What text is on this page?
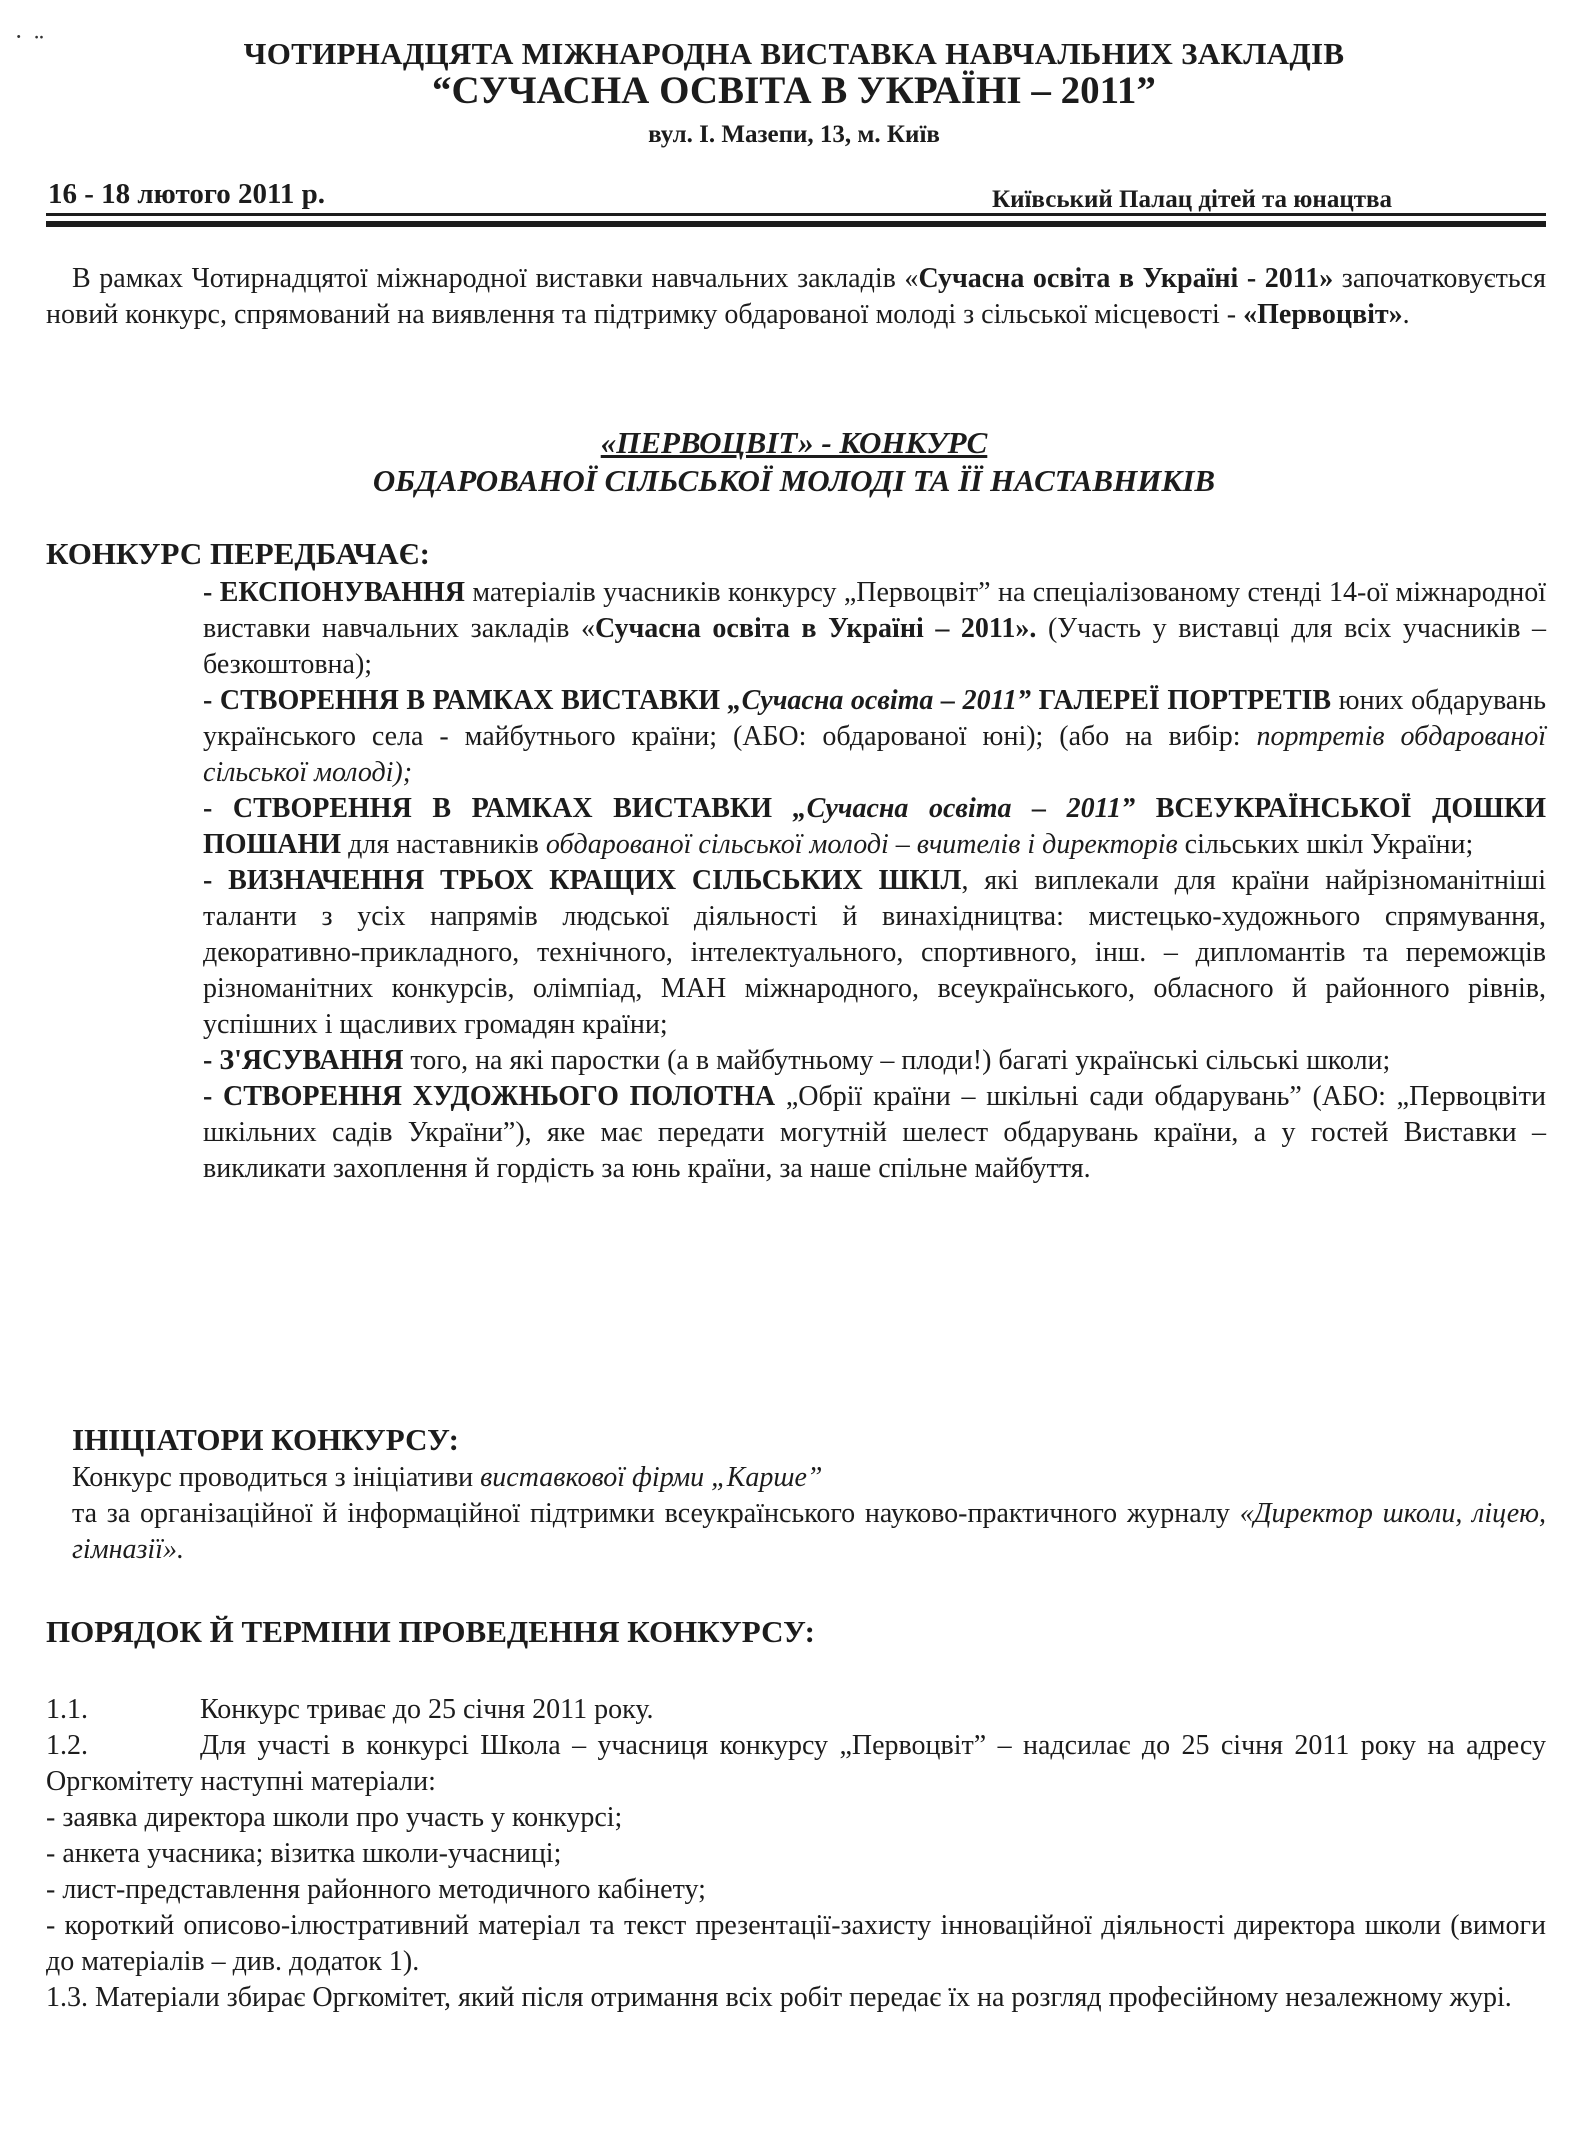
˙ ¨	ЧОТИРНАДЦЯТА МІЖНАРОДНА ВИСТАВКА НАВЧАЛЬНИХ ЗАКЛАДІВ
“СУЧАСНА ОСВІТА В УКРАЇНІ – 2011”
вул. І. Мазепи, 13, м. Київ
16 - 18 лютого 2011 р.	Київський Палац дітей та юнацтва
В рамках Чотирнадцятої міжнародної виставки навчальних закладів «Сучасна освіта в Україні - 2011» започатковується новий конкурс, спрямований на виявлення та підтримку обдарованої молоді з сільської місцевості - «Первоцвіт».
«ПЕРВОЦВІТ» - КОНКУРС
ОБДАРОВАНОЇ СІЛЬСЬКОЇ МОЛОДІ ТА ЇЇ НАСТАВНИКІВ
КОНКУРС ПЕРЕДБАЧАЄ:

- ЕКСПОНУВАННЯ матеріалів учасників конкурсу „Первоцвіт” на спеціалізованому стенді 14-ої міжнародної виставки навчальних закладів «Сучасна освіта в Україні – 2011». (Участь у виставці для всіх учасників – безкоштовна);

- СТВОРЕННЯ В РАМКАХ ВИСТАВКИ „Сучасна освіта – 2011” ГАЛЕРЕЇ ПОРТРЕТІВ юних обдарувань українського села - майбутнього країни; (АБО: обдарованої юні); (або на вибір: портретів обдарованої сільської молоді);

- СТВОРЕННЯ В РАМКАХ ВИСТАВКИ „Сучасна освіта – 2011” ВСЕУКРАЇНСЬКОЇ ДОШКИ ПОШАНИ для наставників обдарованої сільської молоді – вчителів і директорів сільських шкіл України;

- ВИЗНАЧЕННЯ ТРЬОХ КРАЩИХ СІЛЬСЬКИХ ШКІЛ, які виплекали для країни найрізноманітніші таланти з усіх напрямів людської діяльності й винахідництва: мистецько-художнього спрямування, декоративно-прикладного, технічного, інтелектуального, спортивного, інш. – дипломантів та переможців різноманітних конкурсів, олімпіад, МАН міжнародного, всеукраїнського, обласного й районного рівнів, успішних і щасливих громадян країни;

- З'ЯСУВАННЯ того, на які паростки (а в майбутньому – плоди!) багаті українські сільські школи;

- СТВОРЕННЯ ХУДОЖНЬОГО ПОЛОТНА „Обрії країни – шкільні сади обдарувань” (АБО: „Первоцвіти шкільних садів України”), яке має передати могутній шелест обдарувань країни, а у гостей Виставки – викликати захоплення й гордість за юнь країни, за наше спільне майбуття.

ІНІЦІАТОРИ КОНКУРСУ:

Конкурс проводиться з ініціативи виставкової фірми „Карше”

та за організаційної й інформаційної підтримки всеукраїнського науково-практичного журналу «Директор школи, ліцею, гімназії».

ПОРЯДОК Й ТЕРМІНИ ПРОВЕДЕННЯ КОНКУРСУ:

1.1.	Конкурс триває до 25 січня 2011 року.

1.2.	Для участі в конкурсі Школа – учасниця конкурсу „Первоцвіт” – надсилає до 25 січня 2011 року на адресу Оргкомітету наступні матеріали:

- заявка директора школи про участь у конкурсі;

- анкета учасника; візитка школи-учасниці;

- лист-представлення районного методичного кабінету;

- короткий описово-ілюстративний матеріал та текст презентації-захисту інноваційної діяльності директора школи (вимоги до матеріалів – див. додаток 1).

1.3. Матеріали збирає Оргкомітет, який після отримання всіх робіт передає їх на розгляд професійному незалежному журі.
